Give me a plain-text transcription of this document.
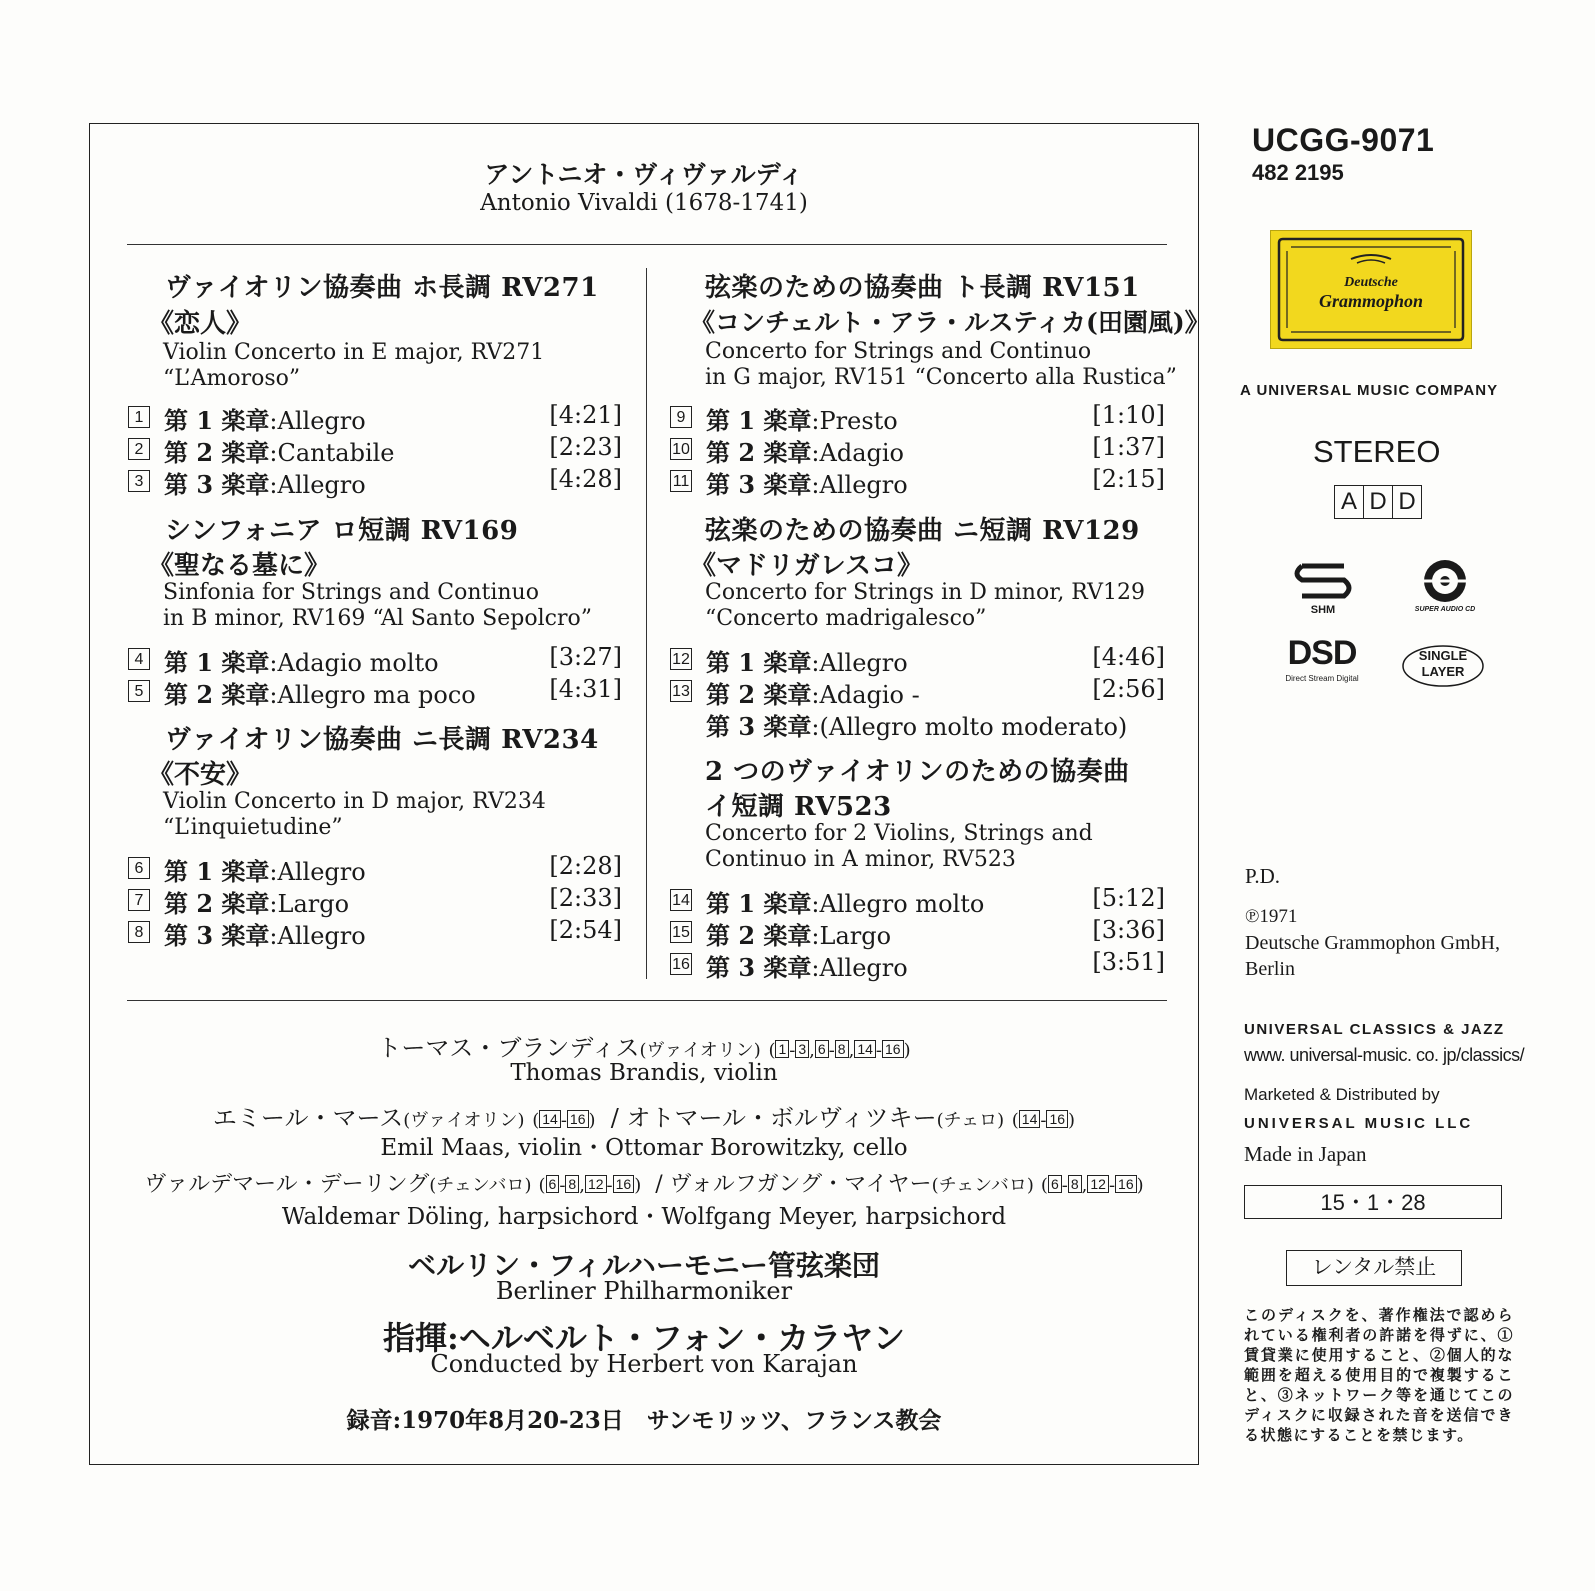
アントニオ・ヴィヴァルディ
Antonio Vivaldi (1678-1741)
ヴァイオリン協奏曲 ホ長調 RV271
《恋人》
Violin Concerto in E major, RV271
“L’Amoroso”
1 第 1 楽章:Allegro	[4:21]
2 第 2 楽章:Cantabile	[2:23]
3 第 3 楽章:Allegro	[4:28]
シンフォニア ロ短調 RV169
《聖なる墓に》
Sinfonia for Strings and Continuo
in B minor, RV169 “Al Santo Sepolcro”
4 第 1 楽章:Adagio molto	[3:27]
5 第 2 楽章:Allegro ma poco	[4:31]
ヴァイオリン協奏曲 ニ長調 RV234
《不安》
Violin Concerto in D major, RV234
“L’inquietudine”
6 第 1 楽章:Allegro	[2:28]
7 第 2 楽章:Largo	[2:33]
8 第 3 楽章:Allegro	[2:54]
弦楽のための協奏曲 ト長調 RV151
《コンチェルト・アラ・ルスティカ(田園風)》
Concerto for Strings and Continuo
in G major, RV151 “Concerto alla Rustica”
9 第 1 楽章:Presto	[1:10]
10 第 2 楽章:Adagio	[1:37]
11 第 3 楽章:Allegro	[2:15]
弦楽のための協奏曲 ニ短調 RV129
《マドリガレスコ》
Concerto for Strings in D minor, RV129
“Concerto madrigalesco”
12 第 1 楽章:Allegro	[4:46]
13 第 2 楽章:Adagio -	[2:56]
第 3 楽章:(Allegro molto moderato)
2 つのヴァイオリンのための協奏曲
イ短調 RV523
Concerto for 2 Violins, Strings and
Continuo in A minor, RV523
14 第 1 楽章:Allegro molto	[5:12]
15 第 2 楽章:Largo	[3:36]
16 第 3 楽章:Allegro	[3:51]
トーマス・ブランディス(ヴァイオリン) ( 1 - 3 , 6 - 8 , 14 - 16 )
Thomas Brandis, violin
エミール・マース(ヴァイオリン) ( 14 - 16 )  / オトマール・ボルヴィツキー(チェロ) ( 14 - 16 )
Emil Maas, violin・Ottomar Borowitzky, cello
ヴァルデマール・デーリング(チェンバロ) ( 6 - 8 , 12 - 16 )  / ヴォルフガング・マイヤー(チェンバロ) ( 6 - 8 , 12 - 16 )
Waldemar Döling, harpsichord・Wolfgang Meyer, harpsichord
ベルリン・フィルハーモニー管弦楽団
Berliner Philharmoniker
指揮:ヘルベルト・フォン・カラヤン
Conducted by Herbert von Karajan
録音:1970年8月20-23日　サンモリッツ、フランス教会
UCGG-9071
482 2195
Deutsche
Grammophon
A UNIVERSAL MUSIC COMPANY
STEREO
A D D
SHM	SUPER AUDIO CD
DSD
Direct Stream Digital
SINGLE
LAYER
P.D.
℗1971
Deutsche Grammophon GmbH,
Berlin
UNIVERSAL CLASSICS & JAZZ
www. universal-music. co. jp/classics/
Marketed & Distributed by
UNIVERSAL MUSIC LLC
Made in Japan
15・1・28
レンタル禁止
このディスクを、著作権法で認められている権利者の許諾を得ずに、①賃貸業に使用すること、②個人的な範囲を超える使用目的で複製すること、③ネットワーク等を通じてこのディスクに収録された音を送信できる状態にすることを禁じます。
